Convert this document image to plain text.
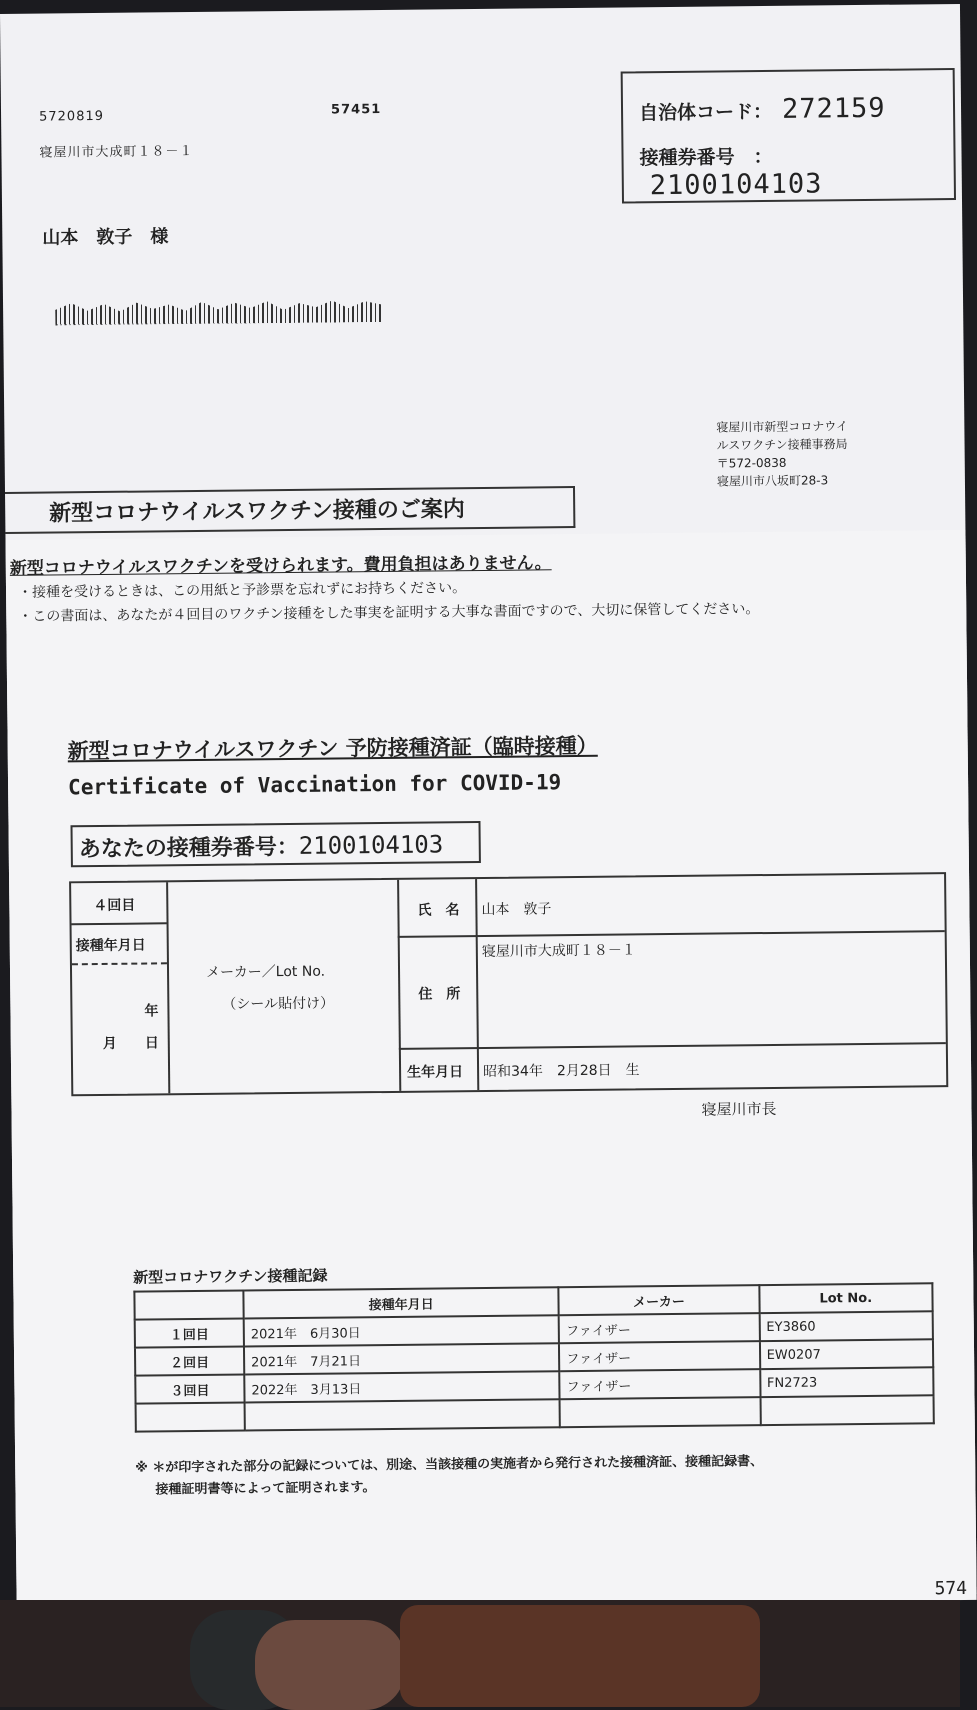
5720819	57451
寝屋川市大成町１８－１
山本　敦子　様
自治体コード： 272159
接種券番号　：2100104103
寝屋川市新型コロナウイ
ルスワクチン接種事務局
〒572-0838
寝屋川市八坂町28-3
新型コロナウイルスワクチン接種のご案内
新型コロナウイルスワクチンを受けられます。費用負担はありません。
・接種を受けるときは、この用紙と予診票を忘れずにお持ちください。
・この書面は、あなたが４回目のワクチン接種をした事実を証明する大事な書面ですので、大切に保管してください。
新型コロナウイルスワクチン 予防接種済証（臨時接種）
Certificate of Vaccination for COVID-19
あなたの接種券番号：2100104103
４回目
接種年月日
年
月 日
メーカー／Lot No.
（シール貼付け）
氏　名 山本　敦子
住　所
寝屋川市大成町１８－１
生年月日 昭和34年　2月28日　生
寝屋川市長
新型コロナワクチン接種記録
	接種年月日	メーカー	Lot No.
１回目	2021年　6月30日	ファイザー	EY3860
２回目	2021年　7月21日	ファイザー	EW0207
３回目	2022年　3月13日	ファイザー	FN2723

※ ＊が印字された部分の記録については、別途、当該接種の実施者から発行された接種済証、接種記録書、
接種証明書等によって証明されます。
574
